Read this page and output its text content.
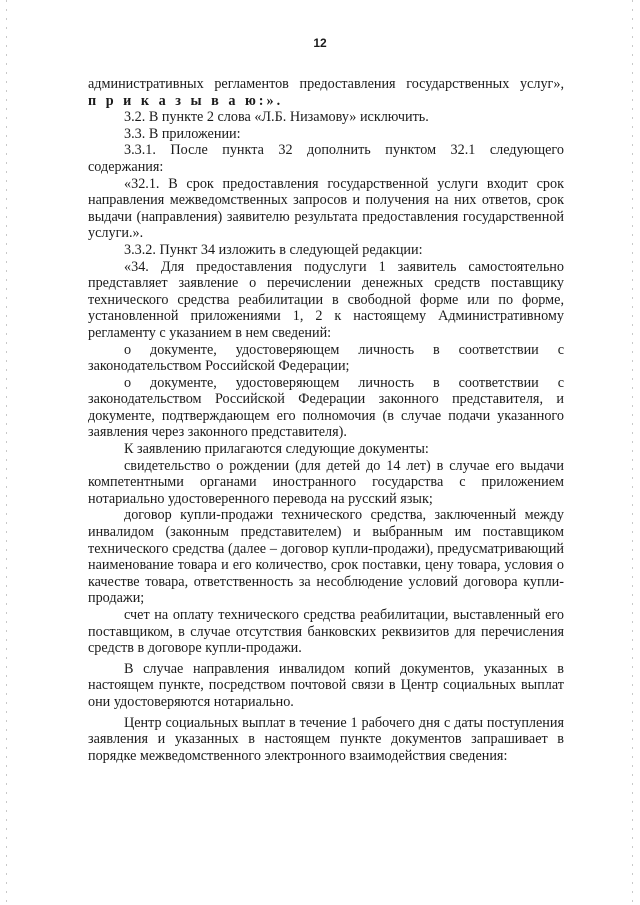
12

административных регламентов предоставления государственных услуг»,

п р и к а з ы в а ю:».

3.2. В пункте 2 слова «Л.Б. Низамову» исключить.

3.3. В приложении:

3.3.1. После пункта 32 дополнить пунктом 32.1 следующего содержания:

«32.1. В срок предоставления государственной услуги входит срок направления межведомственных запросов и получения на них ответов, срок выдачи (направления) заявителю результата предоставления государственной услуги.».

3.3.2. Пункт 34 изложить в следующей редакции:

«34. Для предоставления подуслуги 1 заявитель самостоятельно представляет заявление о перечислении денежных средств поставщику технического средства реабилитации в свободной форме или по форме, установленной приложениями 1, 2 к настоящему Административному регламенту с указанием в нем сведений:

о документе, удостоверяющем личность в соответствии с законодательством Российской Федерации;

о документе, удостоверяющем личность в соответствии с законодательством Российской Федерации законного представителя, и документе, подтверждающем его полномочия (в случае подачи указанного заявления через законного представителя).

К заявлению прилагаются следующие документы:

свидетельство о рождении (для детей до 14 лет) в случае его выдачи компетентными органами иностранного государства с приложением нотариально удостоверенного перевода на русский язык;

договор купли-продажи технического средства, заключенный между инвалидом (законным представителем) и выбранным им поставщиком технического средства (далее – договор купли-продажи), предусматривающий наименование товара и его количество, срок поставки, цену товара, условия о качестве товара, ответственность за несоблюдение условий договора купли-продажи;

счет на оплату технического средства реабилитации, выставленный его поставщиком, в случае отсутствия банковских реквизитов для перечисления средств в договоре купли-продажи.

В случае направления инвалидом копий документов, указанных в настоящем пункте, посредством почтовой связи в Центр социальных выплат они удостоверяются нотариально.

Центр социальных выплат в течение 1 рабочего дня с даты поступления заявления и указанных в настоящем пункте документов запрашивает в порядке межведомственного электронного взаимодействия сведения:
